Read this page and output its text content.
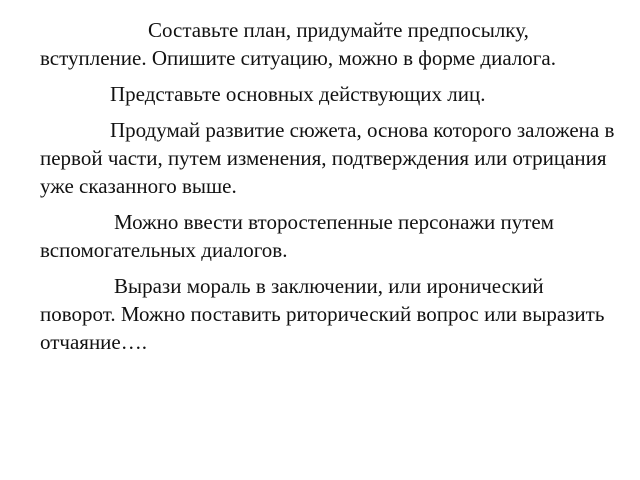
Составьте план, придумайте предпосылку, вступление. Опишите ситуацию, можно в форме диалога.

Представьте основных действующих лиц.

Продумай развитие сюжета, основа которого заложена в первой части, путем изменения, подтверждения или отрицания уже сказанного выше.

Можно ввести второстепенные персонажи путем вспомогательных диалогов.

Вырази мораль в заключении, или иронический поворот. Можно поставить риторический вопрос или выразить отчаяние….
